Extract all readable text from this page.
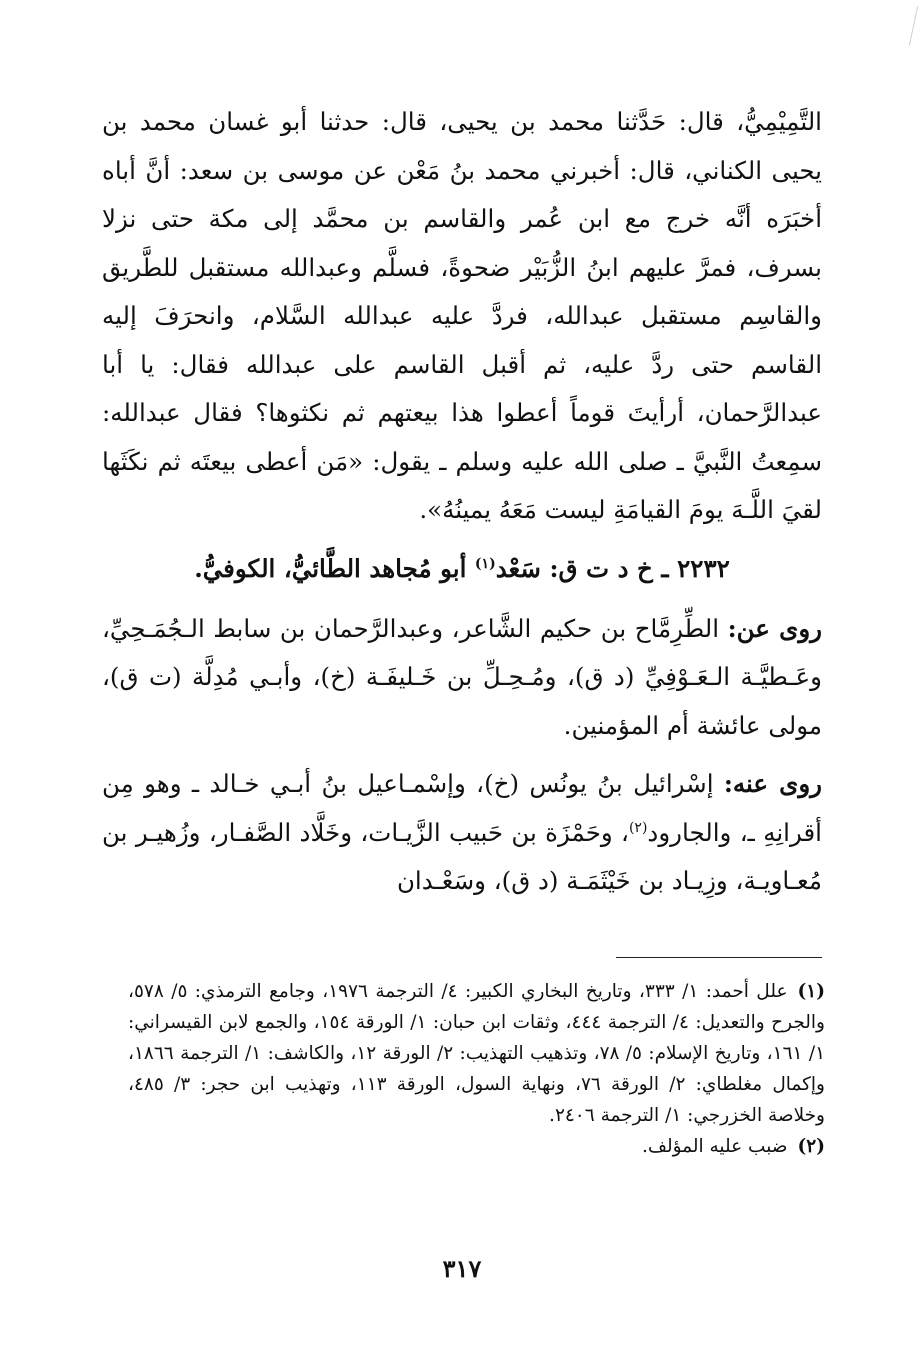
التَّمِيْمِيُّ، قال: حَدَّثنا محمد بن يحيى، قال: حدثنا أبو غسان محمد بن يحيى الكناني، قال: أخبرني محمد بنُ مَعْن عن موسى بن سعد: أنَّ أباه أخبَرَه أنَّه خرج مع ابن عُمر والقاسم بن محمَّد إلى مكة حتى نزلا بسرف، فمرَّ عليهم ابنُ الزُّبَيْر ضحوةً، فسلَّم وعبدالله مستقبل للطَّريق والقاسِم مستقبل عبدالله، فردَّ عليه عبدالله السَّلام، وانحرَفَ إليه القاسم حتى ردَّ عليه، ثم أقبل القاسم على عبدالله فقال: يا أبا عبدالرَّحمان، أرأيتَ قوماً أعطوا هذا بيعتهم ثم نكثوها؟ فقال عبدالله: سمِعتُ النَّبيَّ ـ صلى الله عليه وسلم ـ يقول: «مَن أعطى بيعتَه ثم نكَثَها لقيَ اللَّـهَ يومَ القيامَةِ ليست مَعَهُ يمينُهُ».

٢٢٣٢ ـ خ د ت ق: سَعْد$^{(١)}$ أبو مُجاهد الطَّائيُّ، الكوفيُّ.

روى عن: الطِّرِمَّاح بن حكيم الشَّاعر، وعبدالرَّحمان بن سابط الـجُمَـحِيِّ، وعَـطيَّـة الـعَـوْفِيِّ (د ق)، ومُـحِـلِّ بن خَـليفَـة (خ)، وأبـي مُدِلَّة (ت ق)، مولى عائشة أم المؤمنين.

روى عنه: إسْرائيل بنُ يونُس (خ)، وإسْمـاعيل بنُ أبـي خـالد ـ وهو مِن أقرانِهِ ـ، والجارود$^{(٢)}$، وحَمْزَة بن حَبيب الزَّيـات، وخَلَّاد الصَّفـار، وزُهيـر بن مُعـاويـة، وزِيـاد بن خَيْثَمَـة (د ق)، وسَعْـدان

(١)علل أحمد: ١/ ٣٣٣، وتاريخ البخاري الكبير: ٤/ الترجمة ١٩٧٦، وجامع الترمذي: ٥/ ٥٧٨، والجرح والتعديل: ٤/ الترجمة ٤٤٤، وثقات ابن حبان: ١/ الورقة ١٥٤، والجمع لابن القيسراني: ١/ ١٦١، وتاريخ الإسلام: ٥/ ٧٨، وتذهيب التهذيب: ٢/ الورقة ١٢، والكاشف: ١/ الترجمة ١٨٦٦، وإكمال مغلطاي: ٢/ الورقة ٧٦، ونهاية السول، الورقة ١١٣، وتهذيب ابن حجر: ٣/ ٤٨٥، وخلاصة الخزرجي: ١/ الترجمة ٢٤٠٦.

(٢)ضبب عليه المؤلف.

٣١٧
